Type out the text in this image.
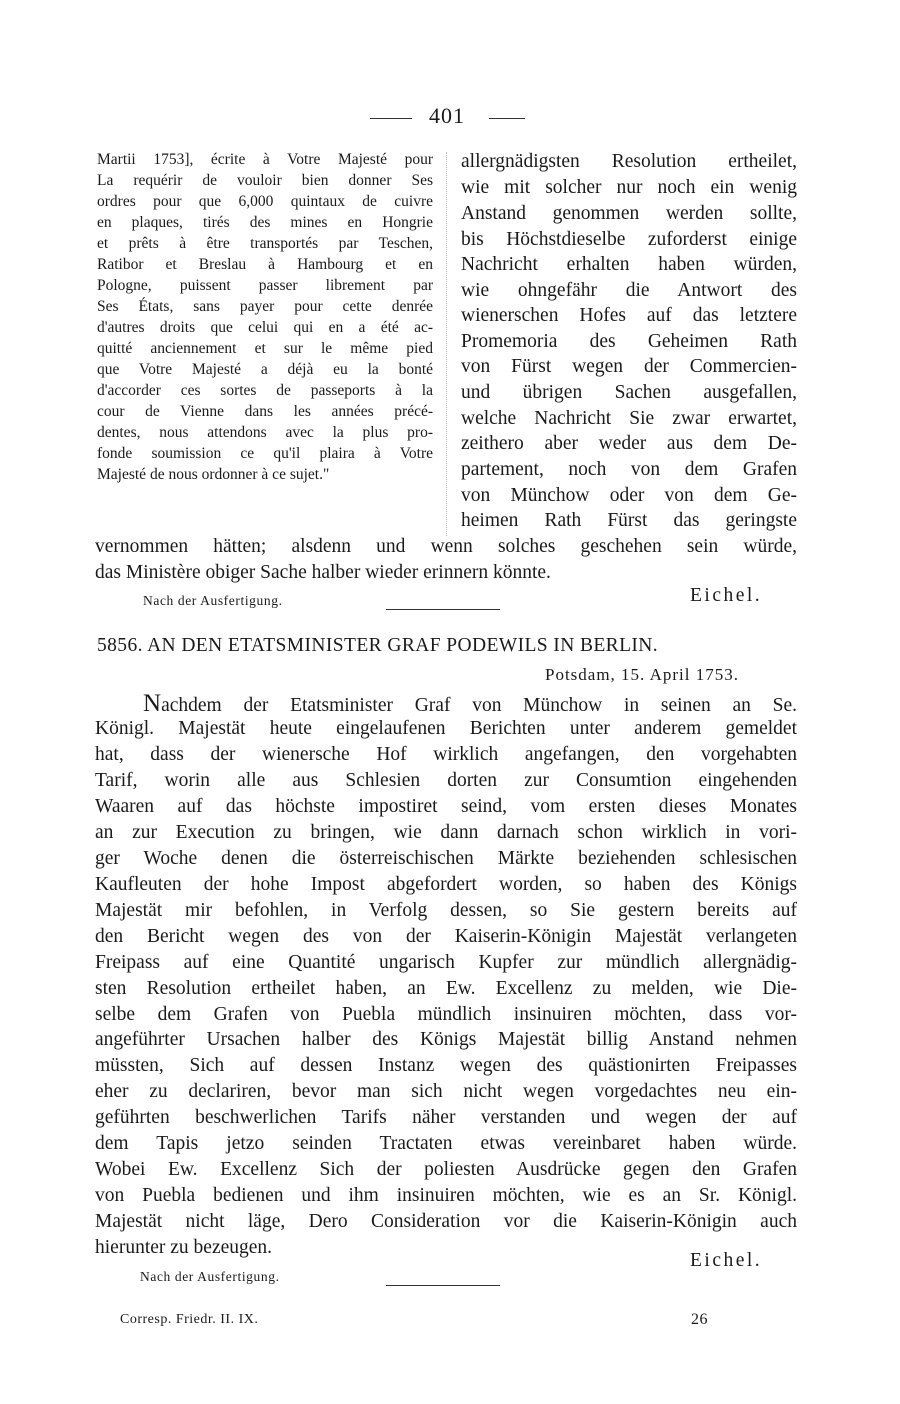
401
Martii 1753], écrite à Votre Majesté pour
La requérir de vouloir bien donner Ses
ordres pour que 6,000 quintaux de cuivre
en plaques, tirés des mines en Hongrie
et prêts à être transportés par Teschen,
Ratibor et Breslau à Hambourg et en
Pologne, puissent passer librement par
Ses États, sans payer pour cette denrée
d'autres droits que celui qui en a été ac-
quitté anciennement et sur le même pied
que Votre Majesté a déjà eu la bonté
d'accorder ces sortes de passeports à la
cour de Vienne dans les années précé-
dentes, nous attendons avec la plus pro-
fonde soumission ce qu'il plaira à Votre
Majesté de nous ordonner à ce sujet."
allergnädigsten Resolution ertheilet,
wie mit solcher nur noch ein wenig
Anstand genommen werden sollte,
bis Höchstdieselbe zuforderst einige
Nachricht erhalten haben würden,
wie ohngefähr die Antwort des
wienerschen Hofes auf das letztere
Promemoria des Geheimen Rath
von Fürst wegen der Commercien-
und übrigen Sachen ausgefallen,
welche Nachricht Sie zwar erwartet,
zeithero aber weder aus dem De-
partement, noch von dem Grafen
von Münchow oder von dem Ge-
heimen Rath Fürst das geringste
vernommen hätten; alsdenn und wenn solches geschehen sein würde,
das Ministère obiger Sache halber wieder erinnern könnte.
Nach der Ausfertigung.	Eichel.
5856. AN DEN ETATSMINISTER GRAF PODEWILS IN BERLIN.
Potsdam, 15. April 1753.
Nachdem der Etatsminister Graf von Münchow in seinen an Se.
Königl. Majestät heute eingelaufenen Berichten unter anderem gemeldet
hat, dass der wienersche Hof wirklich angefangen, den vorgehabten
Tarif, worin alle aus Schlesien dorten zur Consumtion eingehenden
Waaren auf das höchste impostiret seind, vom ersten dieses Monates
an zur Execution zu bringen, wie dann darnach schon wirklich in vori-
ger Woche denen die österreischischen Märkte beziehenden schlesischen
Kaufleuten der hohe Impost abgefordert worden, so haben des Königs
Majestät mir befohlen, in Verfolg dessen, so Sie gestern bereits auf
den Bericht wegen des von der Kaiserin-Königin Majestät verlangeten
Freipass auf eine Quantité ungarisch Kupfer zur mündlich allergnädig-
sten Resolution ertheilet haben, an Ew. Excellenz zu melden, wie Die-
selbe dem Grafen von Puebla mündlich insinuiren möchten, dass vor-
angeführter Ursachen halber des Königs Majestät billig Anstand nehmen
müssten, Sich auf dessen Instanz wegen des quästionirten Freipasses
eher zu declariren, bevor man sich nicht wegen vorgedachtes neu ein-
geführten beschwerlichen Tarifs näher verstanden und wegen der auf
dem Tapis jetzo seinden Tractaten etwas vereinbaret haben würde.
Wobei Ew. Excellenz Sich der poliesten Ausdrücke gegen den Grafen
von Puebla bedienen und ihm insinuiren möchten, wie es an Sr. Königl.
Majestät nicht läge, Dero Consideration vor die Kaiserin-Königin auch
hierunter zu bezeugen.
Eichel.
Nach der Ausfertigung.
Corresp. Friedr. II. IX.	26
